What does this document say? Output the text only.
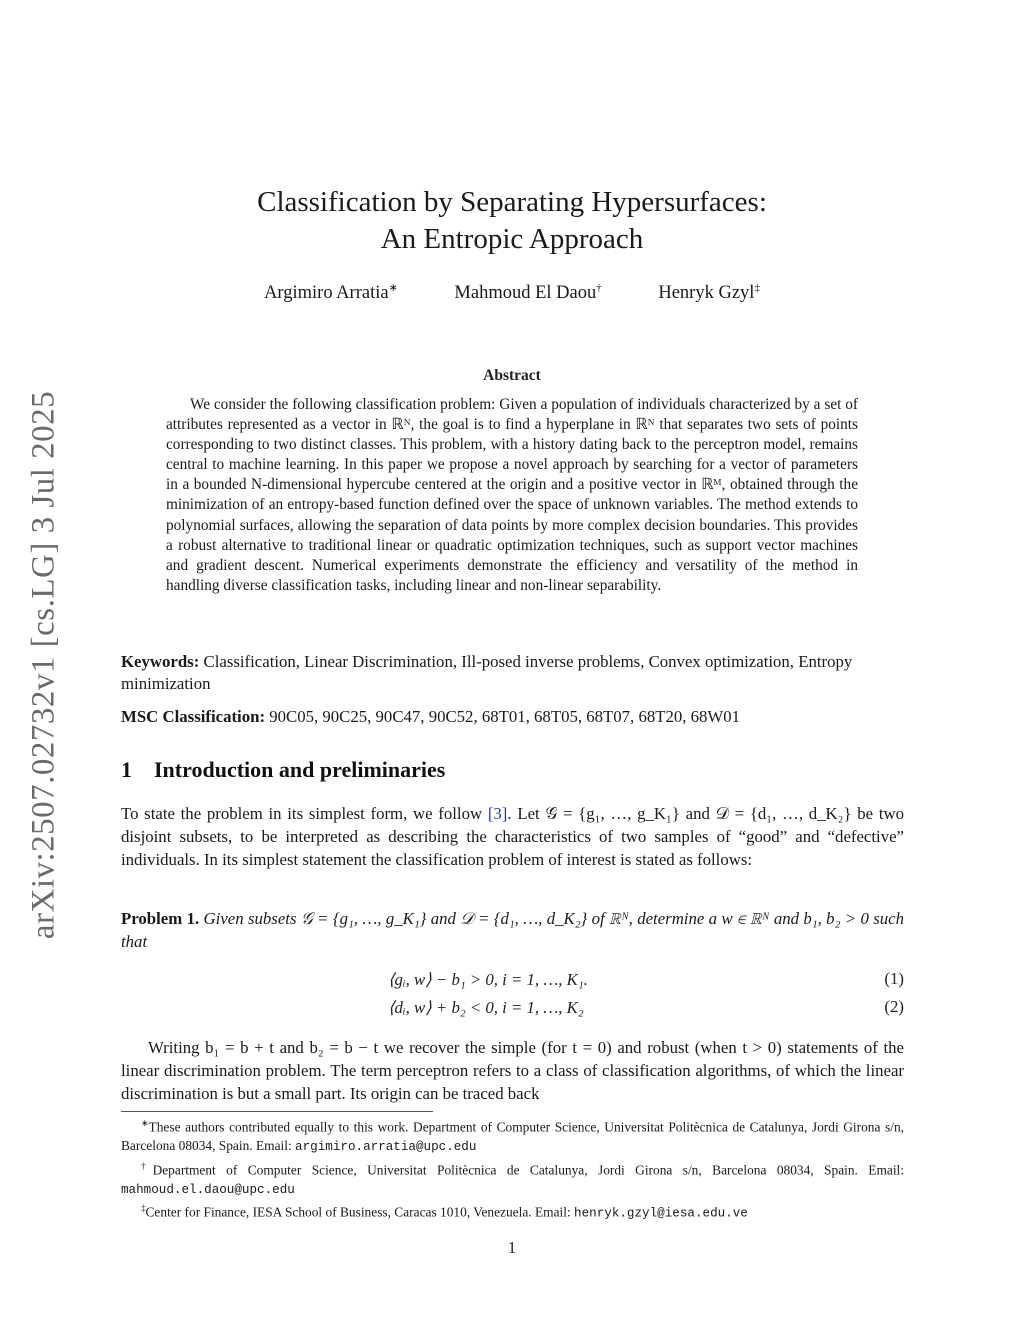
arXiv:2507.02732v1 [cs.LG] 3 Jul 2025
Classification by Separating Hypersurfaces:
An Entropic Approach
Argimiro Arratia∗	Mahmoud El Daou†	Henryk Gzyl‡
Abstract
We consider the following classification problem: Given a population of individuals characterized by a set of attributes represented as a vector in ℝᴺ, the goal is to find a hyperplane in ℝᴺ that separates two sets of points corresponding to two distinct classes. This problem, with a history dating back to the perceptron model, remains central to machine learning. In this paper we propose a novel approach by searching for a vector of parameters in a bounded N-dimensional hypercube centered at the origin and a positive vector in ℝᴹ, obtained through the minimization of an entropy-based function defined over the space of unknown variables. The method extends to polynomial surfaces, allowing the separation of data points by more complex decision boundaries. This provides a robust alternative to traditional linear or quadratic optimization techniques, such as support vector machines and gradient descent. Numerical experiments demonstrate the efficiency and versatility of the method in handling diverse classification tasks, including linear and non-linear separability.
Keywords: Classification, Linear Discrimination, Ill-posed inverse problems, Convex optimization, Entropy minimization
MSC Classification: 90C05, 90C25, 90C47, 90C52, 68T01, 68T05, 68T07, 68T20, 68W01
1 Introduction and preliminaries
To state the problem in its simplest form, we follow [3]. Let 𝒢 = {g₁, …, g_K₁} and 𝒟 = {d₁, …, d_K₂} be two disjoint subsets, to be interpreted as describing the characteristics of two samples of “good” and “defective” individuals. In its simplest statement the classification problem of interest is stated as follows:
Problem 1. Given subsets 𝒢 = {g₁, …, g_K₁} and 𝒟 = {d₁, …, d_K₂} of ℝᴺ, determine a w ∈ ℝᴺ and b₁, b₂ > 0 such that
⟨gᵢ, w⟩ − b₁ > 0, i = 1, …, K₁.	(1)
⟨dᵢ, w⟩ + b₂ < 0, i = 1, …, K₂	(2)
Writing b₁ = b + t and b₂ = b − t we recover the simple (for t = 0) and robust (when t > 0) statements of the linear discrimination problem. The term perceptron refers to a class of classification algorithms, of which the linear discrimination is but a small part. Its origin can be traced back

∗These authors contributed equally to this work. Department of Computer Science, Universitat Politècnica de Catalunya, Jordi Girona s/n, Barcelona 08034, Spain. Email: argimiro.arratia@upc.edu

†Department of Computer Science, Universitat Politècnica de Catalunya, Jordi Girona s/n, Barcelona 08034, Spain. Email: mahmoud.el.daou@upc.edu

‡Center for Finance, IESA School of Business, Caracas 1010, Venezuela. Email: henryk.gzyl@iesa.edu.ve

1
